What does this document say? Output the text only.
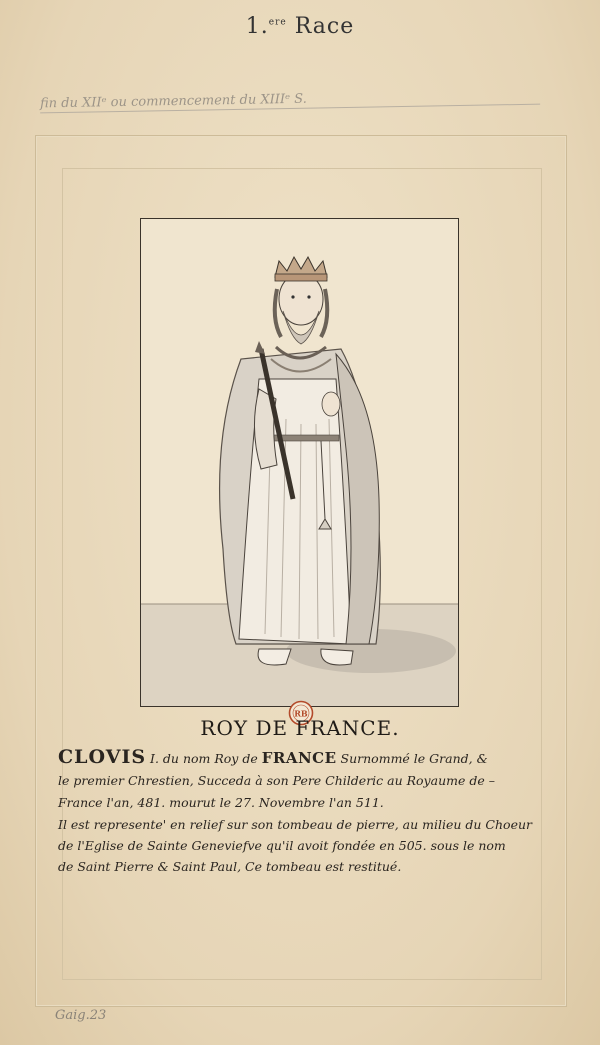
1.$^{ere}$ Race
fin du XIIᵉ ou commencement du XIIIᵉ S.
RB
ROY DE FRANCE.
CLOVIS I. du nom Roy de FRANCE Surnommé le Grand, &
le premier Chrestien, Succeda à son Pere Childeric au Royaume de –
France l'an, 481. mourut le 27. Novembre l'an 511.
Il est represente' en relief sur son tombeau de pierre, au milieu du Choeur
de l'Eglise de Sainte Geneviefve qu'il avoit fondée en 505. sous le nom
de Saint Pierre & Saint Paul, Ce tombeau est restitué.
Gaig.23
